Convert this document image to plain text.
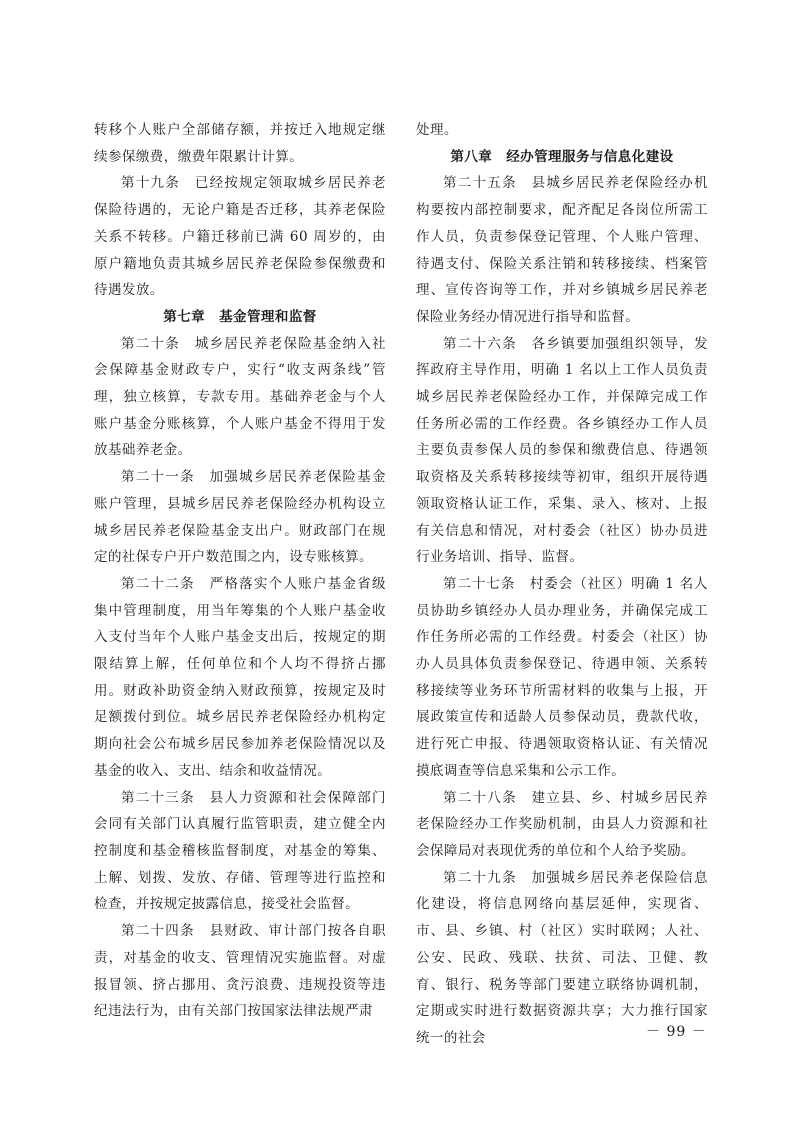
转移个人账户全部储存额，并按迁入地规定继续参保缴费，缴费年限累计计算。

第十九条　已经按规定领取城乡居民养老保险待遇的，无论户籍是否迁移，其养老保险关系不转移。户籍迁移前已满 60 周岁的，由原户籍地负责其城乡居民养老保险参保缴费和待遇发放。

第七章　基金管理和监督

第二十条　城乡居民养老保险基金纳入社会保障基金财政专户，实行“收支两条线”管理，独立核算，专款专用。基础养老金与个人账户基金分账核算，个人账户基金不得用于发放基础养老金。

第二十一条　加强城乡居民养老保险基金账户管理，县城乡居民养老保险经办机构设立城乡居民养老保险基金支出户。财政部门在规定的社保专户开户数范围之内，设专账核算。

第二十二条　严格落实个人账户基金省级集中管理制度，用当年筹集的个人账户基金收入支付当年个人账户基金支出后，按规定的期限结算上解，任何单位和个人均不得挤占挪用。财政补助资金纳入财政预算，按规定及时足额拨付到位。城乡居民养老保险经办机构定期向社会公布城乡居民参加养老保险情况以及基金的收入、支出、结余和收益情况。

第二十三条　县人力资源和社会保障部门会同有关部门认真履行监管职责，建立健全内控制度和基金稽核监督制度，对基金的筹集、上解、划拨、发放、存储、管理等进行监控和检查，并按规定披露信息，接受社会监督。

第二十四条　县财政、审计部门按各自职责，对基金的收支、管理情况实施监督。对虚报冒领、挤占挪用、贪污浪费、违规投资等违纪违法行为，由有关部门按国家法律法规严肃

处理。

第八章　经办管理服务与信息化建设

第二十五条　县城乡居民养老保险经办机构要按内部控制要求，配齐配足各岗位所需工作人员，负责参保登记管理、个人账户管理、待遇支付、保险关系注销和转移接续、档案管理、宣传咨询等工作，并对乡镇城乡居民养老保险业务经办情况进行指导和监督。

第二十六条　各乡镇要加强组织领导，发挥政府主导作用，明确 1 名以上工作人员负责城乡居民养老保险经办工作，并保障完成工作任务所必需的工作经费。各乡镇经办工作人员主要负责参保人员的参保和缴费信息、待遇领取资格及关系转移接续等初审，组织开展待遇领取资格认证工作，采集、录入、核对、上报有关信息和情况，对村委会（社区）协办员进行业务培训、指导、监督。

第二十七条　村委会（社区）明确 1 名人员协助乡镇经办人员办理业务，并确保完成工作任务所必需的工作经费。村委会（社区）协办人员具体负责参保登记、待遇申领、关系转移接续等业务环节所需材料的收集与上报，开展政策宣传和适龄人员参保动员，费款代收，进行死亡申报、待遇领取资格认证、有关情况摸底调查等信息采集和公示工作。

第二十八条　建立县、乡、村城乡居民养老保险经办工作奖励机制，由县人力资源和社会保障局对表现优秀的单位和个人给予奖励。

第二十九条　加强城乡居民养老保险信息化建设，将信息网络向基层延伸，实现省、市、县、乡镇、村（社区）实时联网；人社、公安、民政、残联、扶贫、司法、卫健、教育、银行、税务等部门要建立联络协调机制，定期或实时进行数据资源共享；大力推行国家统一的社会	－ 99 －
